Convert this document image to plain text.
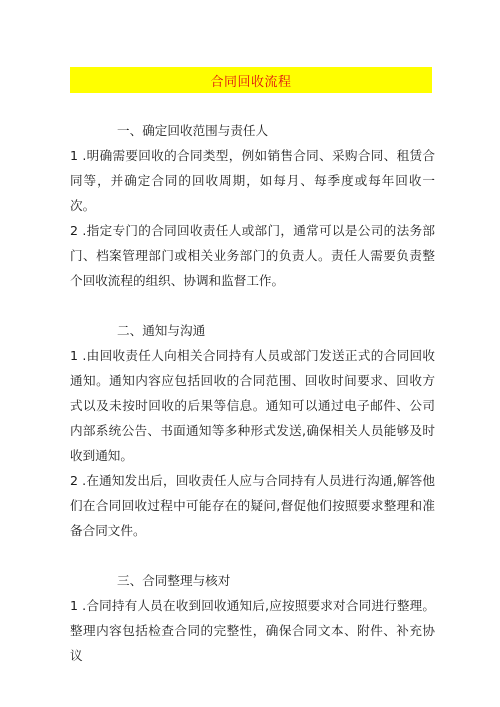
合同回收流程

一、确定回收范围与责任人

1 .明确需要回收的合同类型，例如销售合同、采购合同、租赁合同等，并确定合同的回收周期，如每月、每季度或每年回收一次。

2 .指定专门的合同回收责任人或部门，通常可以是公司的法务部门、档案管理部门或相关业务部门的负责人。责任人需要负责整个回收流程的组织、协调和监督工作。

二、通知与沟通

1 .由回收责任人向相关合同持有人员或部门发送正式的合同回收通知。通知内容应包括回收的合同范围、回收时间要求、回收方式以及未按时回收的后果等信息。通知可以通过电子邮件、公司内部系统公告、书面通知等多种形式发送,确保相关人员能够及时收到通知。

2 .在通知发出后，回收责任人应与合同持有人员进行沟通,解答他们在合同回收过程中可能存在的疑问,督促他们按照要求整理和准备合同文件。

三、合同整理与核对

1 .合同持有人员在收到回收通知后,应按照要求对合同进行整理。整理内容包括检查合同的完整性，确保合同文本、附件、补充协议
